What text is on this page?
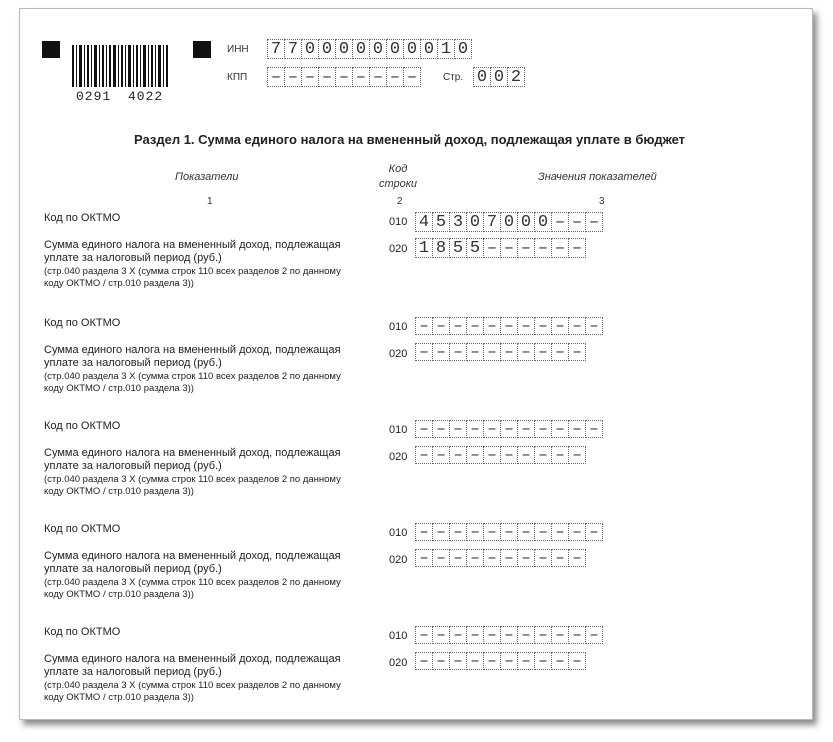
0291 4022
ИНН 7 7 0 0 0 0 0 0 0 0 1 0
КПП – – – – – – – – –	Стр. 0 0 2
Раздел 1. Сумма единого налога на вмененный доход, подлежащая уплате в бюджет
Показатели
Код
строки
Значения показателей
1	2	3
Код по ОКТМО	010 4 5 3 0 7 0 0 0 – – –
Сумма единого налога на вмененный доход, подлежащая
уплате за налоговый период (руб.)
(стр.040 раздела 3 Х (сумма строк 110 всех разделов 2 по данному
коду ОКТМО / стр.010 раздела 3))
020 1 8 5 5 – – – – – –
Код по ОКТМО	010 – – – – – – – – – – –
Сумма единого налога на вмененный доход, подлежащая
уплате за налоговый период (руб.)
(стр.040 раздела 3 Х (сумма строк 110 всех разделов 2 по данному
коду ОКТМО / стр.010 раздела 3))
020 – – – – – – – – – –
Код по ОКТМО	010 – – – – – – – – – – –
Сумма единого налога на вмененный доход, подлежащая
уплате за налоговый период (руб.)
(стр.040 раздела 3 Х (сумма строк 110 всех разделов 2 по данному
коду ОКТМО / стр.010 раздела 3))
020 – – – – – – – – – –
Код по ОКТМО	010 – – – – – – – – – – –
Сумма единого налога на вмененный доход, подлежащая
уплате за налоговый период (руб.)
(стр.040 раздела 3 Х (сумма строк 110 всех разделов 2 по данному
коду ОКТМО / стр.010 раздела 3))
020 – – – – – – – – – –
Код по ОКТМО	010 – – – – – – – – – – –
Сумма единого налога на вмененный доход, подлежащая
уплате за налоговый период (руб.)
(стр.040 раздела 3 Х (сумма строк 110 всех разделов 2 по данному
коду ОКТМО / стр.010 раздела 3))
020 – – – – – – – – – –
